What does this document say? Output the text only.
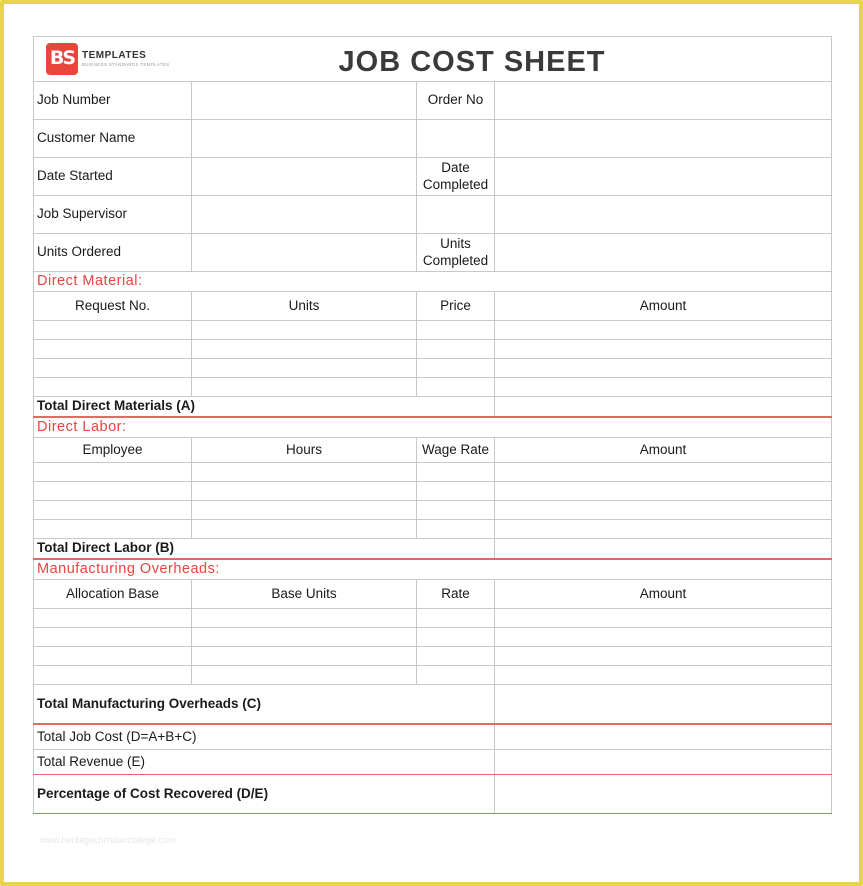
BS TEMPLATES
BUSINESS STANDARDS TEMPLATES JOB COST SHEET			

Job Number		Order No	
Customer Name			
Date Started		Date Completed	
Job Supervisor			
Units Ordered		Units Completed	
Direct Material:			
Request No.	Units	Price	Amount

Total Direct Materials (A)			
Direct Labor:			
Employee	Hours	Wage Rate	Amount

Total Direct Labor (B)			
Manufacturing Overheads:			
Allocation Base	Base Units	Rate	Amount

Total Manufacturing Overheads (C)			
Total Job Cost (D=A+B+C)			
Total Revenue (E)			
Percentage of Cost Recovered (D/E)			
www.heritagechristiancollege.com
